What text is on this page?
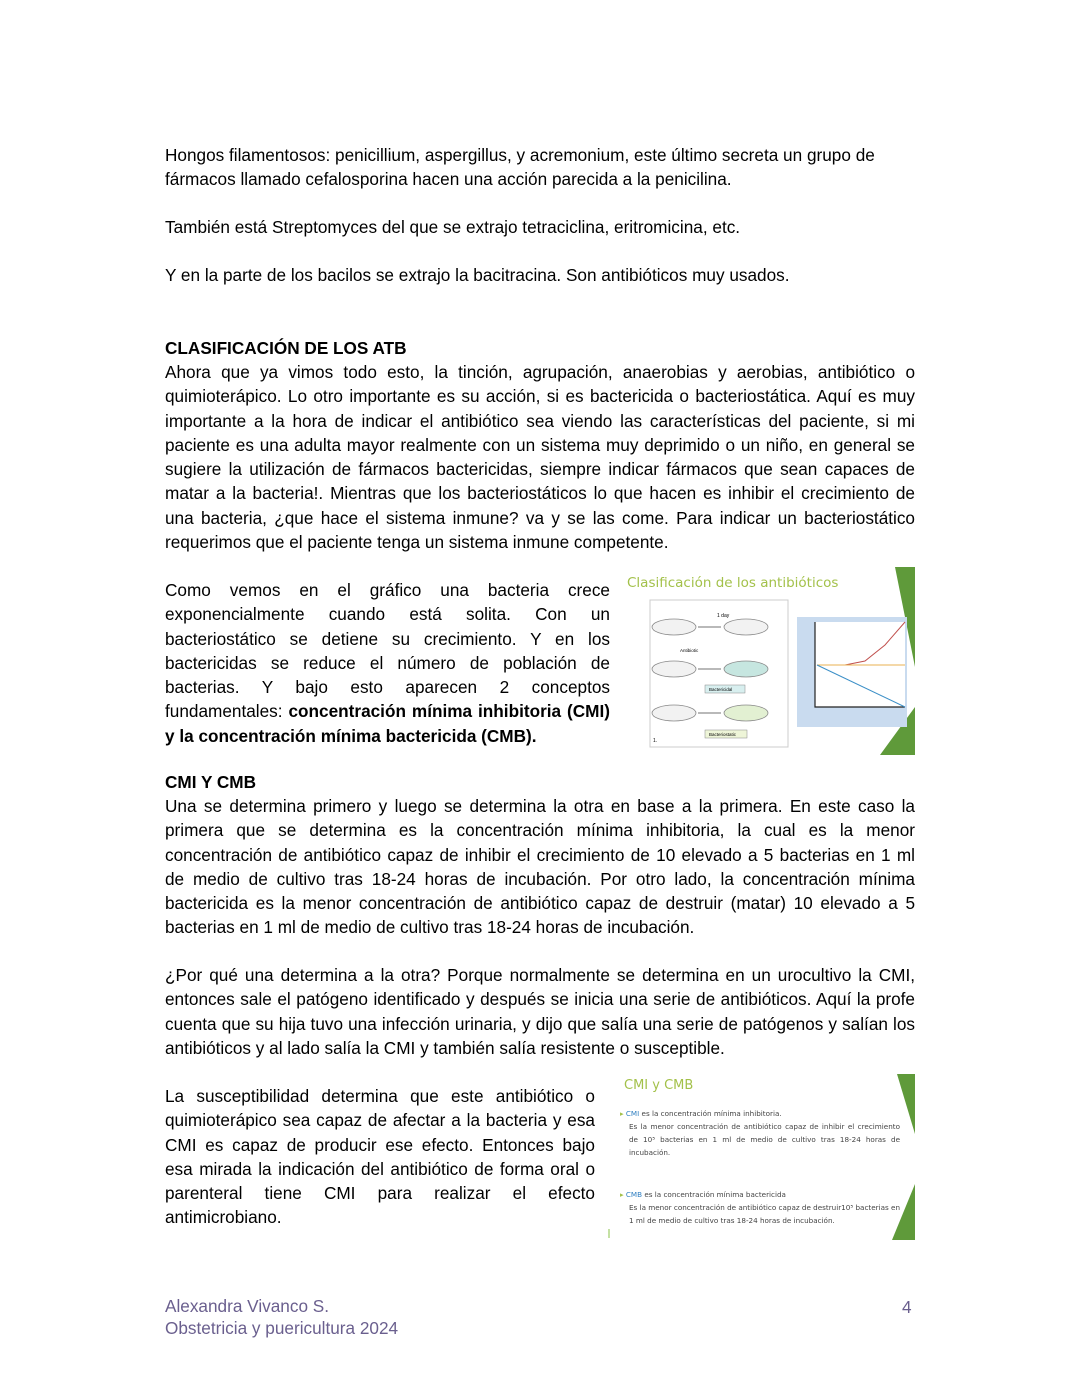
Hongos filamentosos: penicillium, aspergillus, y acremonium, este último secreta un grupo de fármacos llamado cefalosporina hacen una acción parecida a la penicilina.

También está Streptomyces del que se extrajo tetraciclina, eritromicina, etc.

Y en la parte de los bacilos se extrajo la bacitracina. Son antibióticos muy usados.

CLASIFICACIÓN DE LOS ATB

Ahora que ya vimos todo esto, la tinción, agrupación, anaerobias y aerobias, antibiótico o quimioterápico. Lo otro importante es su acción, si es bactericida o bacteriostática. Aquí es muy importante a la hora de indicar el antibiótico sea viendo las características del paciente, si mi paciente es una adulta mayor realmente con un sistema muy deprimido o un niño, en general se sugiere la utilización de fármacos bactericidas, siempre indicar fármacos que sean capaces de matar a la bacteria!. Mientras que los bacteriostáticos lo que hacen es inhibir el crecimiento de una bacteria, ¿que hace el sistema inmune? va y se las come. Para indicar un bacteriostático requerimos que el paciente tenga un sistema inmune competente.

Como vemos en el gráfico una bacteria crece exponencialmente cuando está solita. Con un bacteriostático se detiene su crecimiento. Y en los bactericidas se reduce el número de población de bacterias. Y bajo esto aparecen 2 conceptos fundamentales: concentración mínima inhibitoria (CMI) y la concentración mínima bactericida (CMB).

Clasificación de los antibióticos
1 day
Antibiotic
Bactericidal
Bacteriostatic
1.
CMI Y CMB

Una se determina primero y luego se determina la otra en base a la primera. En este caso la primera que se determina es la concentración mínima inhibitoria, la cual es la menor concentración de antibiótico capaz de inhibir el crecimiento de 10 elevado a 5 bacterias en 1 ml de medio de cultivo tras 18-24 horas de incubación. Por otro lado, la concentración mínima bactericida es la menor concentración de antibiótico capaz de destruir (matar) 10 elevado a 5 bacterias en 1 ml de medio de cultivo tras 18-24 horas de incubación.

¿Por qué una determina a la otra? Porque normalmente se determina en un urocultivo la CMI, entonces sale el patógeno identificado y después se inicia una serie de antibióticos. Aquí la profe cuenta que su hija tuvo una infección urinaria, y dijo que salía una serie de patógenos y salían los antibióticos y al lado salía la CMI y también salía resistente o susceptible.

La susceptibilidad determina que este antibiótico o quimioterápico sea capaz de afectar a la bacteria y esa CMI es capaz de producir ese efecto. Entonces bajo esa mirada la indicación del antibiótico de forma oral o parenteral tiene CMI para realizar el efecto antimicrobiano.

CMI y CMB

▸ CMI es la concentración mínima inhibitoria.

Es la menor concentración de antibiótico capaz de inhibir el crecimiento de 10⁵ bacterias en 1 ml de medio de cultivo tras 18-24 horas de incubación.

▸ CMB es la concentración mínima bactericida

Es la menor concentración de antibiótico capaz de destruir10⁵ bacterias en 1 ml de medio de cultivo tras 18-24 horas de incubación.

Alexandra Vivanco S.
Obstetricia y puericultura 2024
4
